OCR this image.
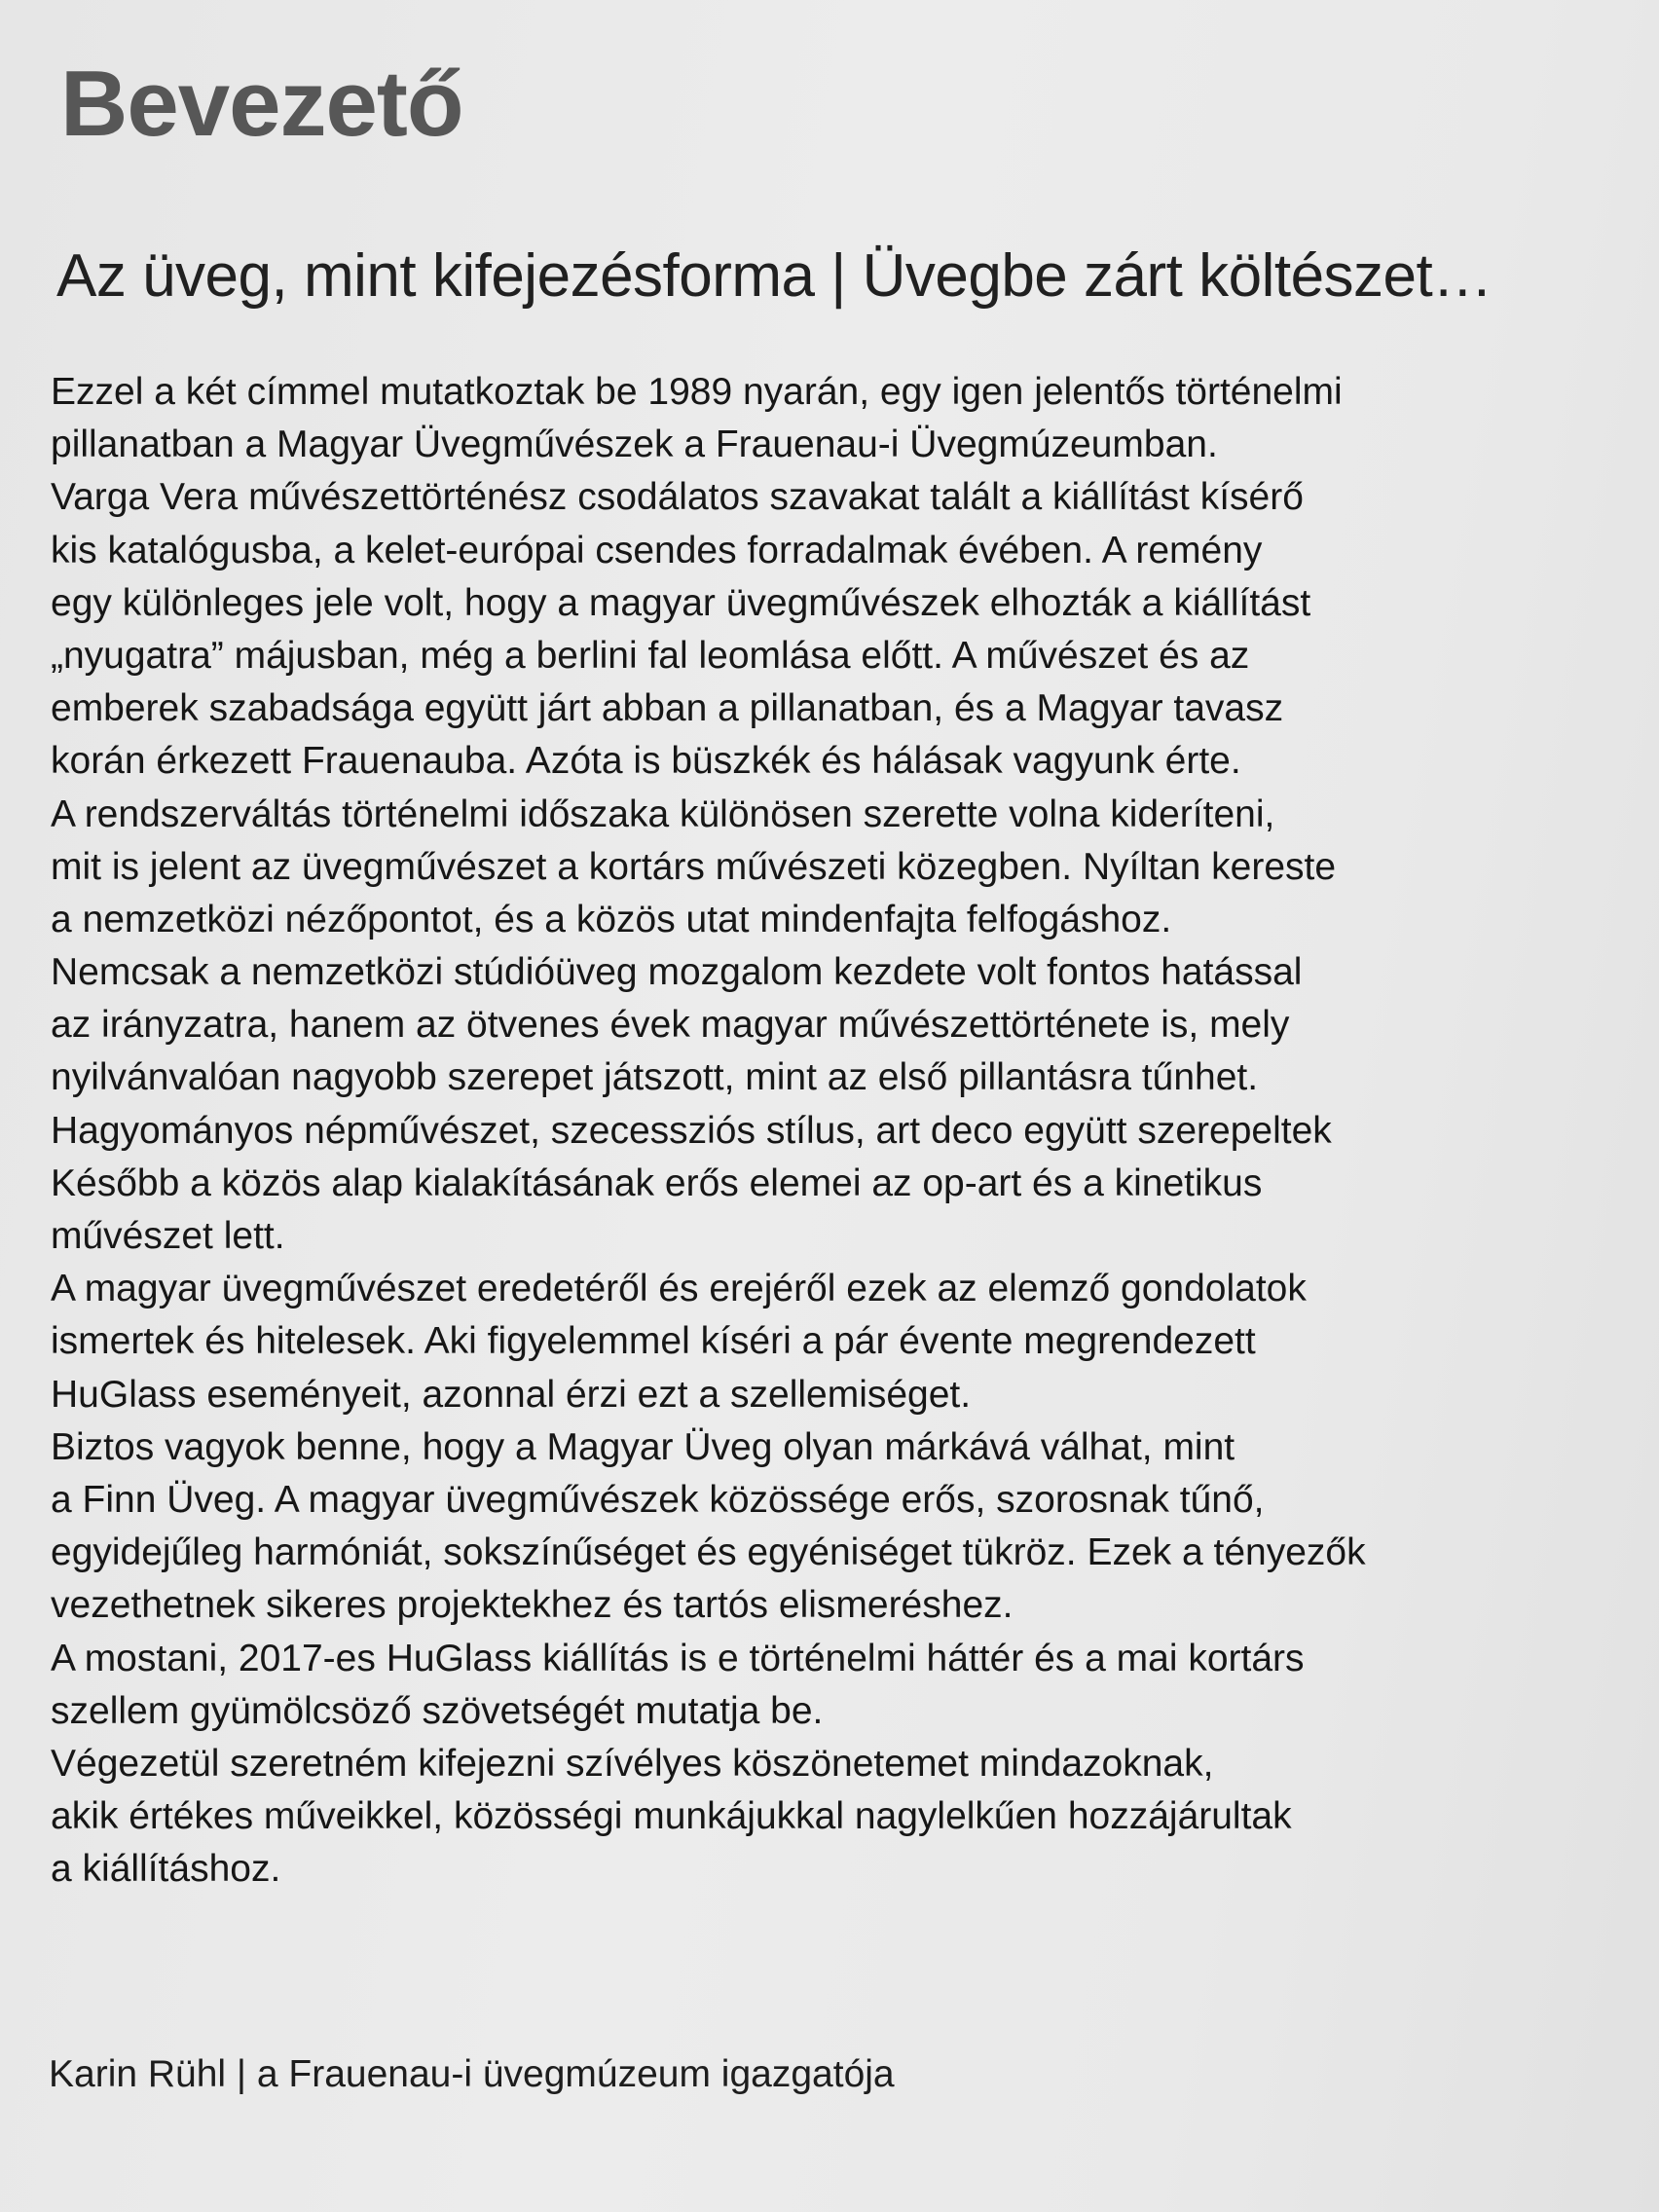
Bevezető
Az üveg, mint kifejezésforma | Üvegbe zárt költészet…
Ezzel a két címmel mutatkoztak be 1989 nyarán, egy igen jelentős történelmi
pillanatban a Magyar Üvegművészek a Frauenau-i Üvegmúzeumban.
Varga Vera művészettörténész csodálatos szavakat talált a kiállítást kísérő
kis katalógusba, a kelet-európai csendes forradalmak évében. A remény
egy különleges jele volt, hogy a magyar üvegművészek elhozták a kiállítást
„nyugatra” májusban, még a berlini fal leomlása előtt. A művészet és az
emberek szabadsága együtt járt abban a pillanatban, és a Magyar tavasz
korán érkezett Frauenauba. Azóta is büszkék és hálásak vagyunk érte.
A rendszerváltás történelmi időszaka különösen szerette volna kideríteni,
mit is jelent az üvegművészet a kortárs művészeti közegben. Nyíltan kereste
a nemzetközi nézőpontot, és a közös utat mindenfajta felfogáshoz.
Nemcsak a nemzetközi stúdióüveg mozgalom kezdete volt fontos hatással
az irányzatra, hanem az ötvenes évek magyar művészettörténete is, mely
nyilvánvalóan nagyobb szerepet játszott, mint az első pillantásra tűnhet.
Hagyományos népművészet, szecessziós stílus, art deco együtt szerepeltek
Később a közös alap kialakításának erős elemei az op-art és a kinetikus
művészet lett.
A magyar üvegművészet eredetéről és erejéről ezek az elemző gondolatok
ismertek és hitelesek. Aki figyelemmel kíséri a pár évente megrendezett
HuGlass eseményeit, azonnal érzi ezt a szellemiséget.
Biztos vagyok benne, hogy a Magyar Üveg olyan márkává válhat, mint
a Finn Üveg. A magyar üvegművészek közössége erős, szorosnak tűnő,
egyidejűleg harmóniát, sokszínűséget és egyéniséget tükröz. Ezek a tényezők
vezethetnek sikeres projektekhez és tartós elismeréshez.
A mostani, 2017-es HuGlass kiállítás is e történelmi háttér és a mai kortárs
szellem gyümölcsöző szövetségét mutatja be.
Végezetül szeretném kifejezni szívélyes köszönetemet mindazoknak,
akik értékes műveikkel, közösségi munkájukkal nagylelkűen hozzájárultak
a kiállításhoz.

Karin Rühl | a Frauenau-i üvegmúzeum igazgatója
